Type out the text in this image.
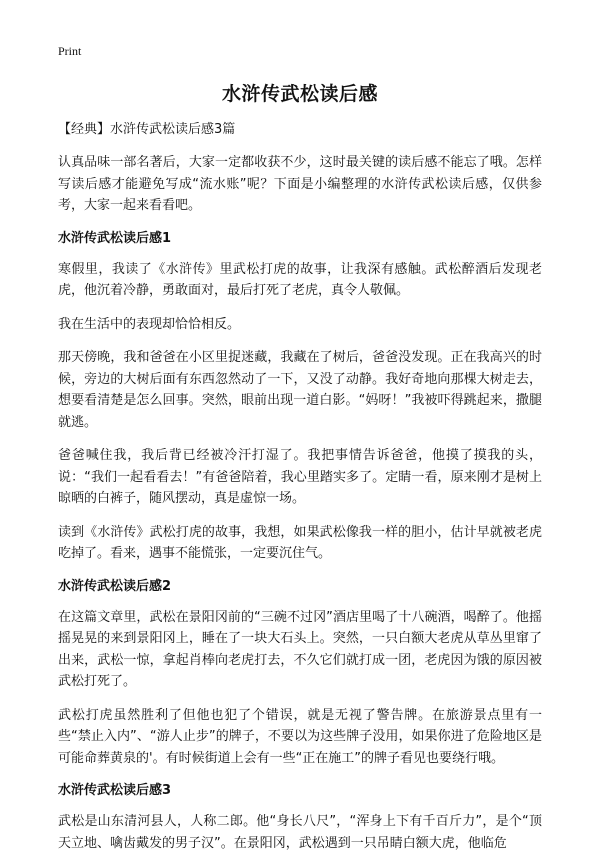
Print
水浒传武松读后感

【经典】水浒传武松读后感3篇

认真品味一部名著后，大家一定都收获不少，这时最关键的读后感不能忘了哦。怎样写读后感才能避免写成“流水账”呢？下面是小编整理的水浒传武松读后感，仅供参考，大家一起来看看吧。

水浒传武松读后感1

寒假里，我读了《水浒传》里武松打虎的故事，让我深有感触。武松醉酒后发现老虎，他沉着冷静，勇敢面对，最后打死了老虎，真令人敬佩。

我在生活中的表现却恰恰相反。

那天傍晚，我和爸爸在小区里捉迷藏，我藏在了树后，爸爸没发现。正在我高兴的时候，旁边的大树后面有东西忽然动了一下，又没了动静。我好奇地向那棵大树走去，想要看清楚是怎么回事。突然，眼前出现一道白影。“妈呀！”我被吓得跳起来，撒腿就逃。

爸爸喊住我，我后背已经被冷汗打湿了。我把事情告诉爸爸，他摸了摸我的头，说：“我们一起看看去！”有爸爸陪着，我心里踏实多了。定睛一看，原来刚才是树上晾晒的白裤子，随风摆动，真是虚惊一场。

读到《水浒传》武松打虎的故事，我想，如果武松像我一样的胆小，估计早就被老虎吃掉了。看来，遇事不能慌张，一定要沉住气。

水浒传武松读后感2

在这篇文章里，武松在景阳冈前的“三碗不过冈”酒店里喝了十八碗酒，喝醉了。他摇摇晃晃的来到景阳冈上，睡在了一块大石头上。突然，一只白额大老虎从草丛里窜了出来，武松一惊，拿起肖棒向老虎打去，不久它们就打成一团，老虎因为饿的原因被武松打死了。

武松打虎虽然胜利了但他也犯了个错误，就是无视了警告牌。在旅游景点里有一些“禁止入内”、“游人止步”的牌子，不要以为这些牌子没用，如果你进了危险地区是可能命葬黄泉的'。有时候街道上会有一些“正在施工”的牌子看见也要绕行哦。

水浒传武松读后感3

武松是山东清河县人，人称二郎。他“身长八尺”，“浑身上下有千百斤力”，是个“顶天立地、噙齿戴发的男子汉”。在景阳冈，武松遇到一只吊睛白额大虎，他临危
